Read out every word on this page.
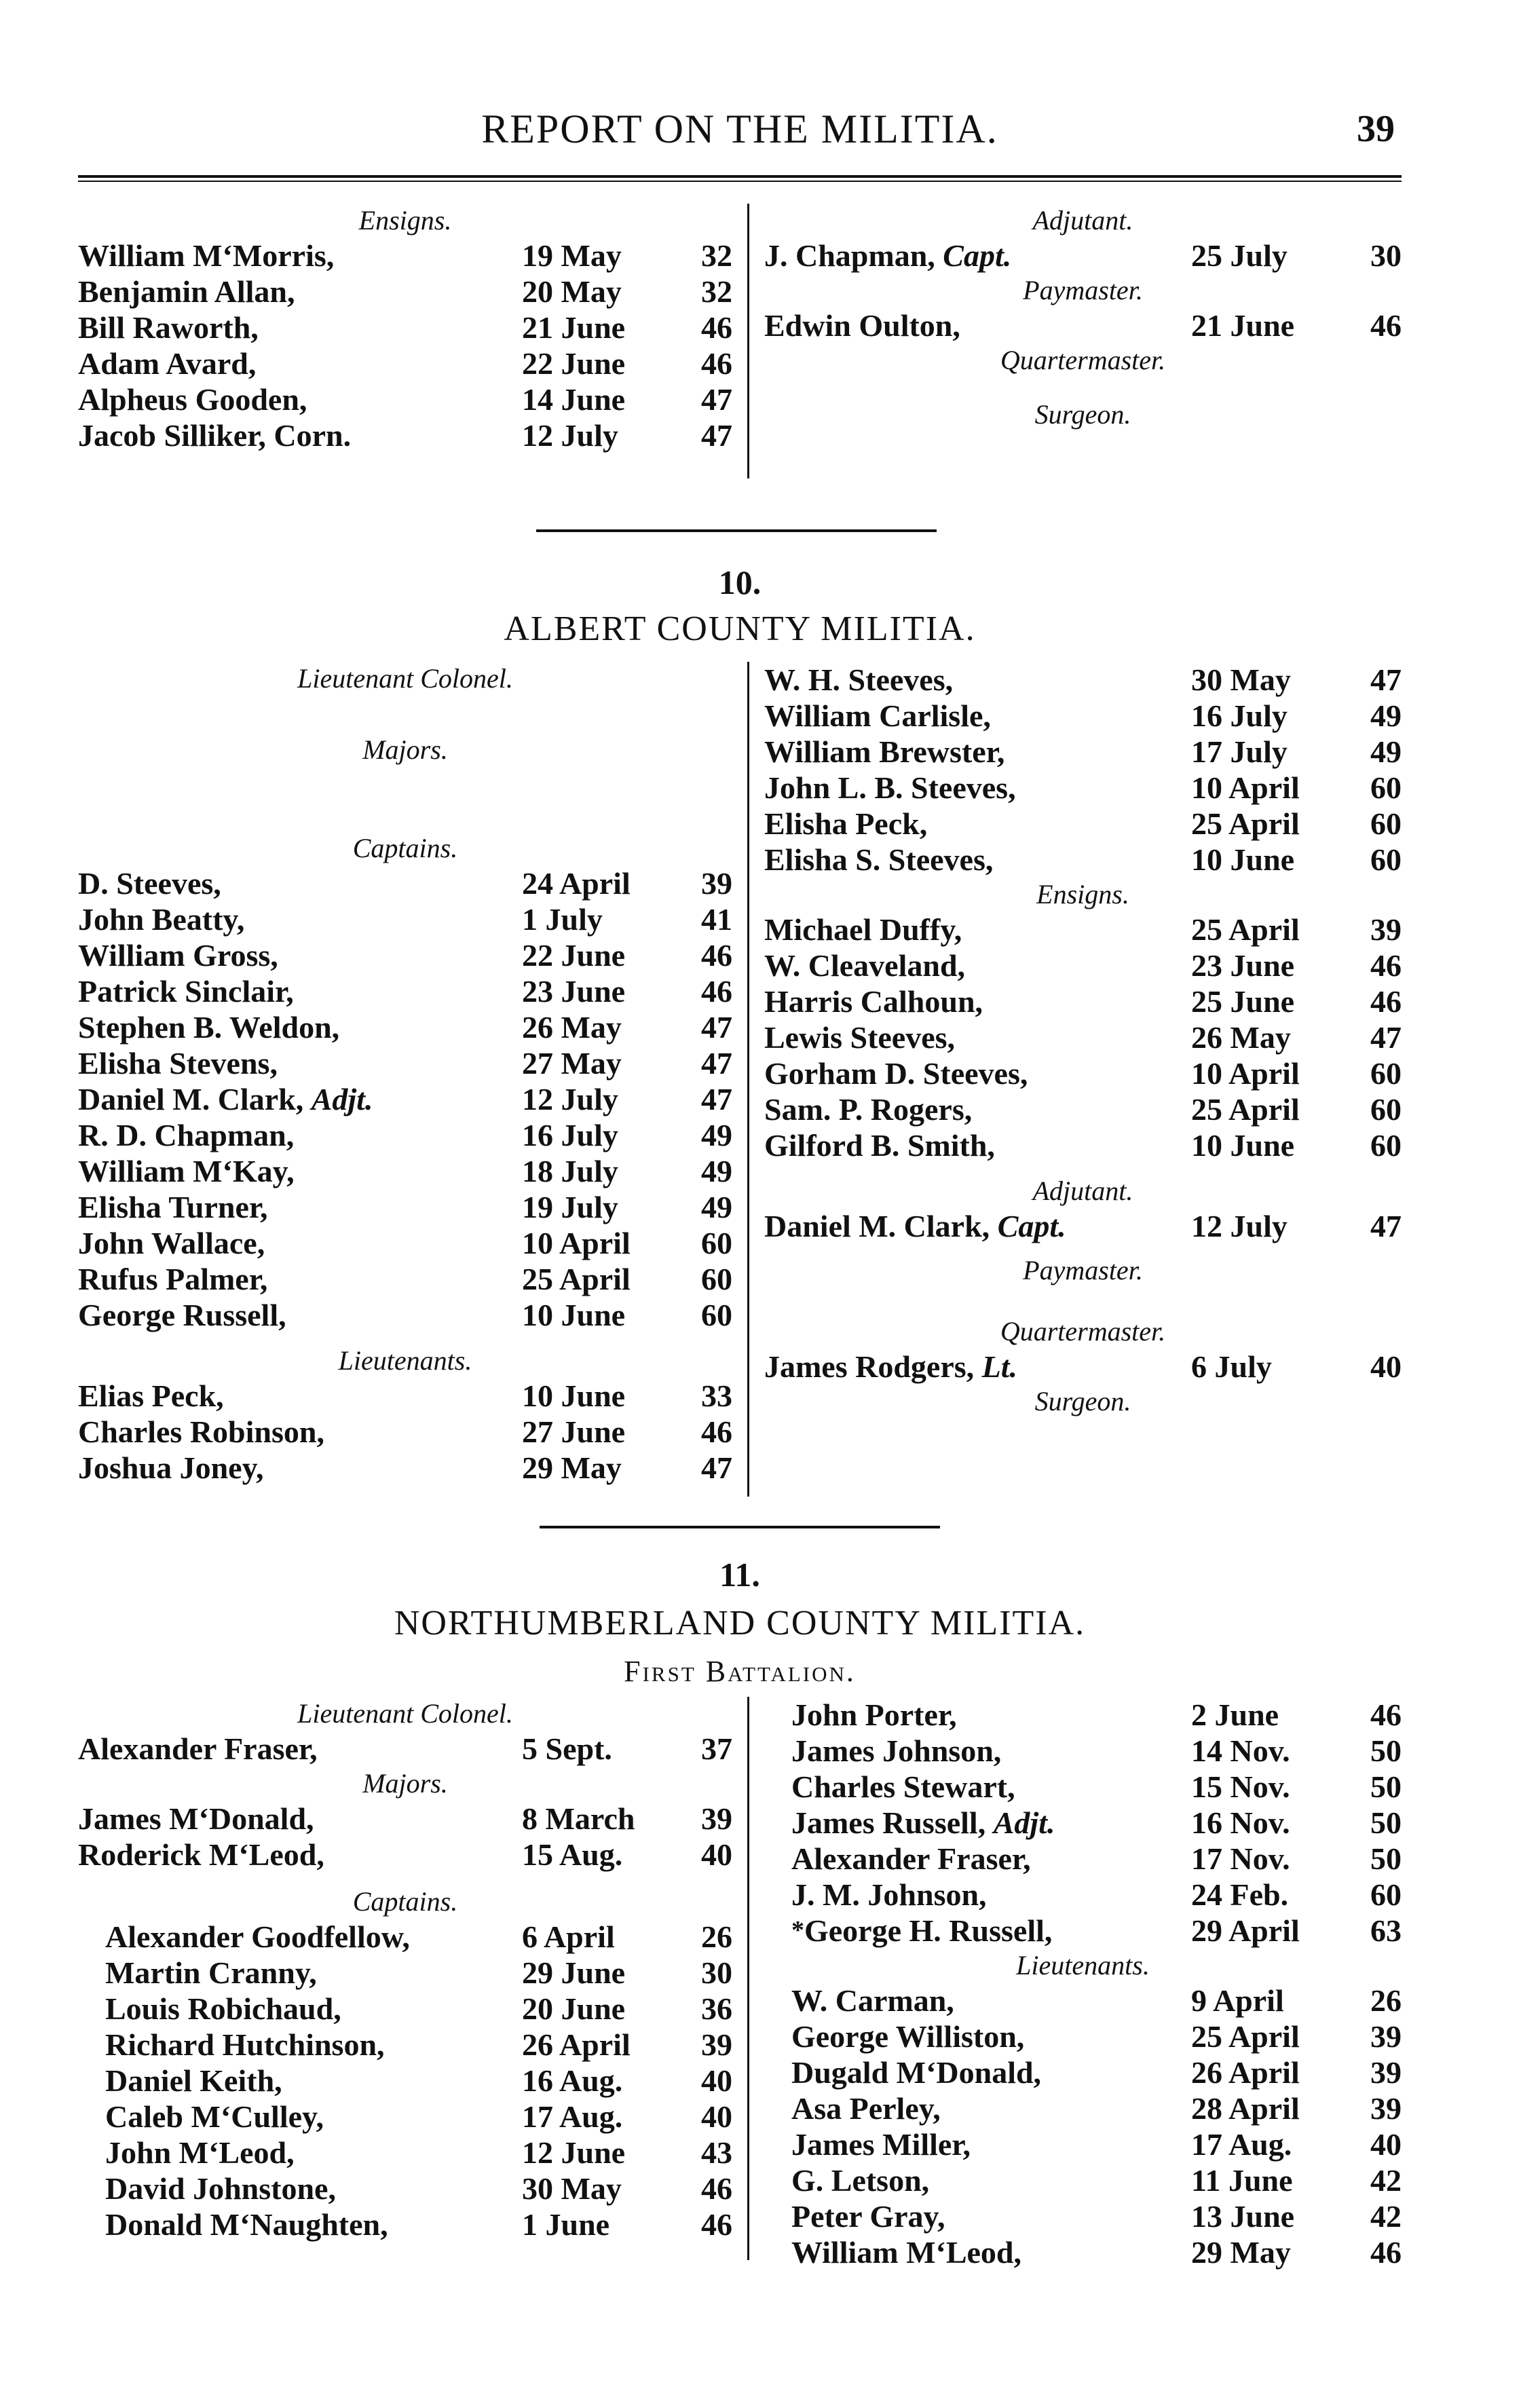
REPORT ON THE MILITIA.	39
Ensigns.
William M‘Morris,	19 May	32
Benjamin Allan,	20 May	32
Bill Raworth,	21 June	46
Adam Avard,	22 June	46
Alpheus Gooden,	14 June	47
Jacob Silliker, Corn.	12 July	47
Adjutant.
J. Chapman, Capt.	25 July	30
Paymaster.
Edwin Oulton,	21 June	46
Quartermaster.
Surgeon.
10.
ALBERT COUNTY MILITIA.
Lieutenant Colonel.
Majors.
Captains.
D. Steeves,	24 April	39
John Beatty,	1 July	41
William Gross,	22 June	46
Patrick Sinclair,	23 June	46
Stephen B. Weldon,	26 May	47
Elisha Stevens,	27 May	47
Daniel M. Clark, Adjt.	12 July	47
R. D. Chapman,	16 July	49
William M‘Kay,	18 July	49
Elisha Turner,	19 July	49
John Wallace,	10 April	60
Rufus Palmer,	25 April	60
George Russell,	10 June	60
Lieutenants.
Elias Peck,	10 June	33
Charles Robinson,	27 June	46
Joshua Joney,	29 May	47
W. H. Steeves,	30 May	47
William Carlisle,	16 July	49
William Brewster,	17 July	49
John L. B. Steeves,	10 April	60
Elisha Peck,	25 April	60
Elisha S. Steeves,	10 June	60
Ensigns.
Michael Duffy,	25 April	39
W. Cleaveland,	23 June	46
Harris Calhoun,	25 June	46
Lewis Steeves,	26 May	47
Gorham D. Steeves,	10 April	60
Sam. P. Rogers,	25 April	60
Gilford B. Smith,	10 June	60
Adjutant.
Daniel M. Clark, Capt.	12 July	47
Paymaster.
Quartermaster.
James Rodgers, Lt.	6 July	40
Surgeon.
11.
NORTHUMBERLAND COUNTY MILITIA.
First Battalion.
Lieutenant Colonel.
Alexander Fraser,	5 Sept.	37
Majors.
James M‘Donald,	8 March	39
Roderick M‘Leod,	15 Aug.	40
Captains.
Alexander Goodfellow,	6 April	26
Martin Cranny,	29 June	30
Louis Robichaud,	20 June	36
Richard Hutchinson,	26 April	39
Daniel Keith,	16 Aug.	40
Caleb M‘Culley,	17 Aug.	40
John M‘Leod,	12 June	43
David Johnstone,	30 May	46
Donald M‘Naughten,	1 June	46
John Porter,	2 June	46
James Johnson,	14 Nov.	50
Charles Stewart,	15 Nov.	50
James Russell, Adjt.	16 Nov.	50
Alexander Fraser,	17 Nov.	50
J. M. Johnson,	24 Feb.	60
*George H. Russell,	29 April	63
Lieutenants.
W. Carman,	9 April	26
George Williston,	25 April	39
Dugald M‘Donald,	26 April	39
Asa Perley,	28 April	39
James Miller,	17 Aug.	40
G. Letson,	11 June	42
Peter Gray,	13 June	42
William M‘Leod,	29 May	46
